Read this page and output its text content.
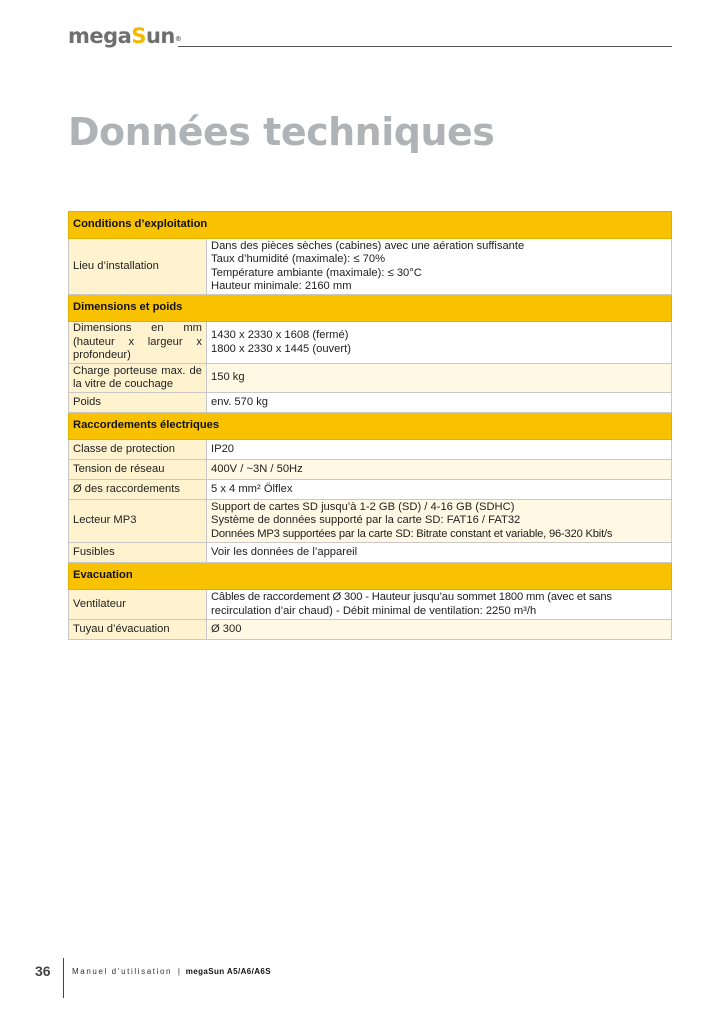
megaSun®
Données techniques
Conditions d’exploitation	
Lieu d’installation	Dans des pièces sèches (cabines) avec une aération suffisante
Taux d’humidité (maximale): ≤ 70%
Température ambiante (maximale): ≤ 30°C
Hauteur minimale: 2160 mm

Dimensions et poids	
Dimensions en mm (hauteur x largeur x profondeur)	1430 x 2330 x 1608 (fermé)
1800 x 2330 x 1445 (ouvert)

Charge porteuse max. de la vitre de couchage	150 kg
Poids	env. 570 kg
Raccordements électriques	
Classe de protection	IP20
Tension de réseau	400V / ~3N / 50Hz
Ø des raccordements	5 x 4 mm² Ölflex
Lecteur MP3	Support de cartes SD jusqu’à 1-2 GB (SD) / 4-16 GB (SDHC)
Système de données supporté par la carte SD: FAT16 / FAT32
Données MP3 supportées par la carte SD: Bitrate constant et variable, 96-320 Kbit/s

Fusibles	Voir les données de l’appareil
Evacuation	
Ventilateur	Câbles de raccordement Ø 300 - Hauteur jusqu’au sommet 1800 mm (avec et sans
recirculation d’air chaud) - Débit minimal de ventilation: 2250 m³/h

Tuyau d’évacuation	Ø 300
36	Manuel d’utilisation | megaSun A5/A6/A6S
